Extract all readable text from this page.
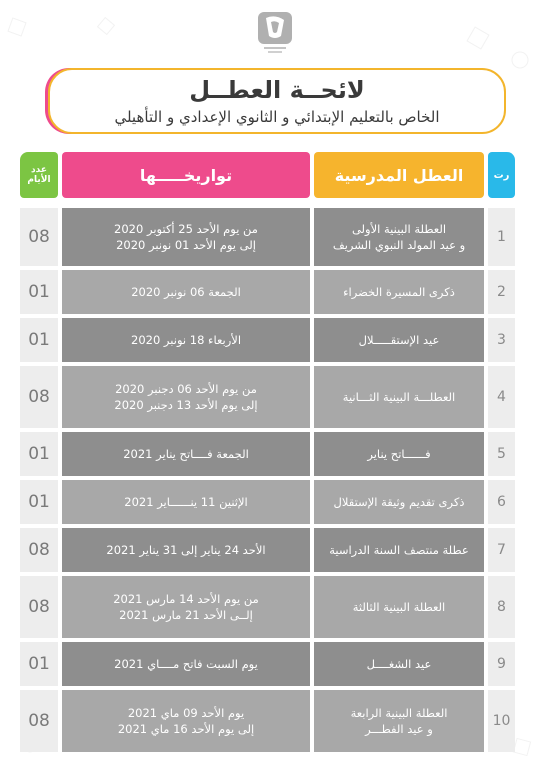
لائحــة العطــل
الخاص بالتعليم الإبتدائي و الثانوي الإعدادي و التأهيلي
رت
العطل المدرسية
تواريخـــــها
عدد
الأيام
1
العطلة البينية الأولى
و عيد المولد النبوي الشريف
من يوم الأحد 25 أكتوبر 2020
إلى يوم الأحد 01 نونبر 2020
08
2
ذكرى المسيرة الخضراء
الجمعة 06 نونبر 2020
01
3
عيد الإستقـــــلال
الأربعاء 18 نونبر 2020
01
4
العطلـــة البينية الثـــانية
من يوم الأحد 06 دجنبر 2020
إلى يوم الأحد 13 دجنبر 2020
08
5
فــــــاتح يناير
الجمعة فــــاتح يناير 2021
01
6
ذكرى تقديم وثيقة الإستقلال
الإثنين 11 ينــــــاير 2021
01
7
عطلة منتصف السنة الدراسية
الأحد 24 يناير إلى 31 يناير 2021
08
8
العطلة البينية الثالثة
من يوم الأحد 14 مارس 2021
إلــى الأحد 21 مارس 2021
08
9
عيد الشغــــل
يوم السبت فاتح مــــاي 2021
01
10
العطلة البينية الرابعة
و عيد الفطـــر
يوم الأحد 09 ماي 2021
إلى يوم الأحد 16 ماي 2021
08
